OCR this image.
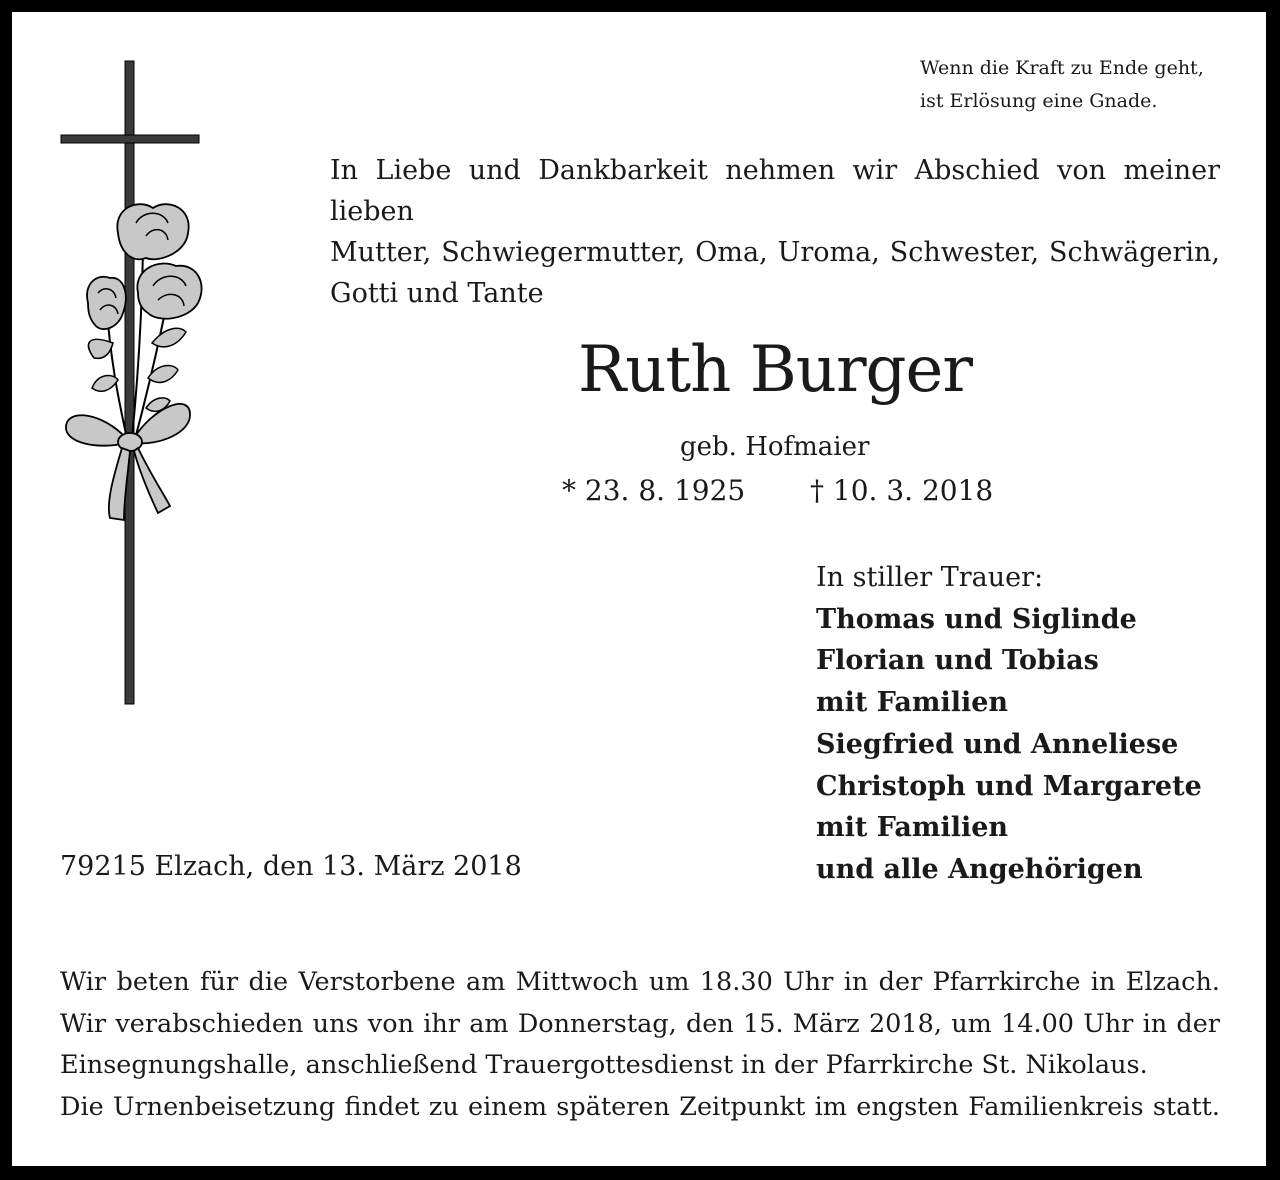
Wenn die Kraft zu Ende geht,
ist Erlösung eine Gnade.
In Liebe und Dankbarkeit nehmen wir Abschied von meiner lieben
Mutter, Schwiegermutter, Oma, Uroma, Schwester, Schwägerin,
Gotti und Tante
Ruth Burger
geb. Hofmaier
* 23. 8. 1925 † 10. 3. 2018
In stiller Trauer:
Thomas und Siglinde
Florian und Tobias
mit Familien
Siegfried und Anneliese
Christoph und Margarete
mit Familien
und alle Angehörigen
79215 Elzach, den 13. März 2018
Wir beten für die Verstorbene am Mittwoch um 18.30 Uhr in der Pfarrkirche in Elzach.
Wir verabschieden uns von ihr am Donnerstag, den 15. März 2018, um 14.00 Uhr in der
Einsegnungshalle, anschließend Trauergottesdienst in der Pfarrkirche St. Nikolaus.
Die Urnenbeisetzung findet zu einem späteren Zeitpunkt im engsten Familienkreis statt.
